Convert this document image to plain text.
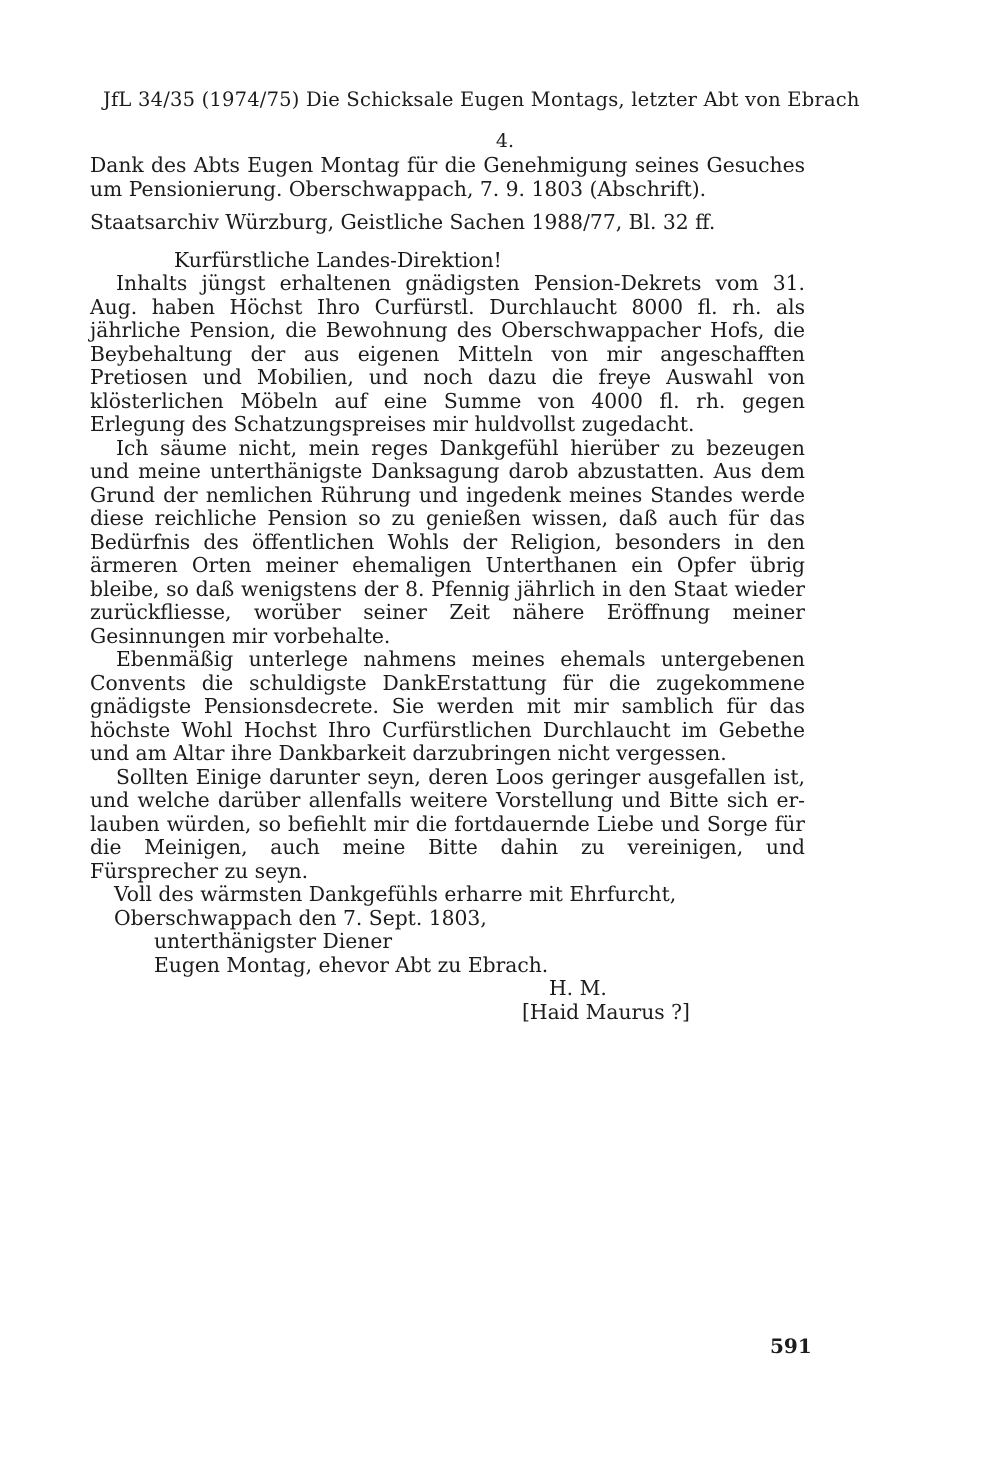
JfL 34/35 (1974/75) Die Schicksale Eugen Montags, letzter Abt von Ebrach
4.

Dank des Abts Eugen Montag für die Genehmigung seines Gesuches um Pensionierung. Oberschwappach, 7. 9. 1803 (Abschrift).

Staatsarchiv Würzburg, Geistliche Sachen 1988/77, Bl. 32 ff.

Kurfürstliche Landes-Direktion!

Inhalts jüngst erhaltenen gnädigsten Pension-Dekrets vom 31. Aug. haben Höchst Ihro Curfürstl. Durchlaucht 8000 fl. rh. als jährliche Pension, die Bewohnung des Oberschwappacher Hofs, die Beybehaltung der aus eigenen Mitteln von mir angeschafften Pretiosen und Mobilien, und noch dazu die freye Auswahl von klösterlichen Möbeln auf eine Summe von 4000 fl. rh. gegen Erlegung des Schatzungspreises mir huldvollst zugedacht.

Ich säume nicht, mein reges Dankgefühl hierüber zu bezeugen und meine unterthänigste Danksagung darob abzustatten. Aus dem Grund der nemlichen Rührung und ingedenk meines Standes werde diese reichliche Pension so zu genießen wissen, daß auch für das Bedürfnis des öffentlichen Wohls der Religion, besonders in den ärmeren Orten meiner ehemaligen Unterthanen ein Opfer übrig bleibe, so daß wenigstens der 8. Pfennig jährlich in den Staat wieder zurückfliesse, worüber seiner Zeit nähere Eröffnung meiner Gesinnungen mir vorbehalte.

Ebenmäßig unterlege nahmens meines ehemals untergebenen Convents die schuldigste DankErstattung für die zugekommene gnädigste Pensionsdecrete. Sie werden mit mir samblich für das höchste Wohl Hochst Ihro Curfürstlichen Durchlaucht im Gebethe und am Altar ihre Dankbarkeit darzubringen nicht vergessen.

Sollten Einige darunter seyn, deren Loos geringer ausgefallen ist, und welche darüber allenfalls weitere Vorstellung und Bitte sich erlauben würden, so befiehlt mir die fortdauernde Liebe und Sorge für die Meinigen, auch meine Bitte dahin zu vereinigen, und Fürsprecher zu seyn.

Voll des wärmsten Dankgefühls erharre mit Ehrfurcht,

Oberschwappach den 7. Sept. 1803,

unterthänigster Diener

Eugen Montag, ehevor Abt zu Ebrach.

H. M.

[Haid Maurus ?]

591
